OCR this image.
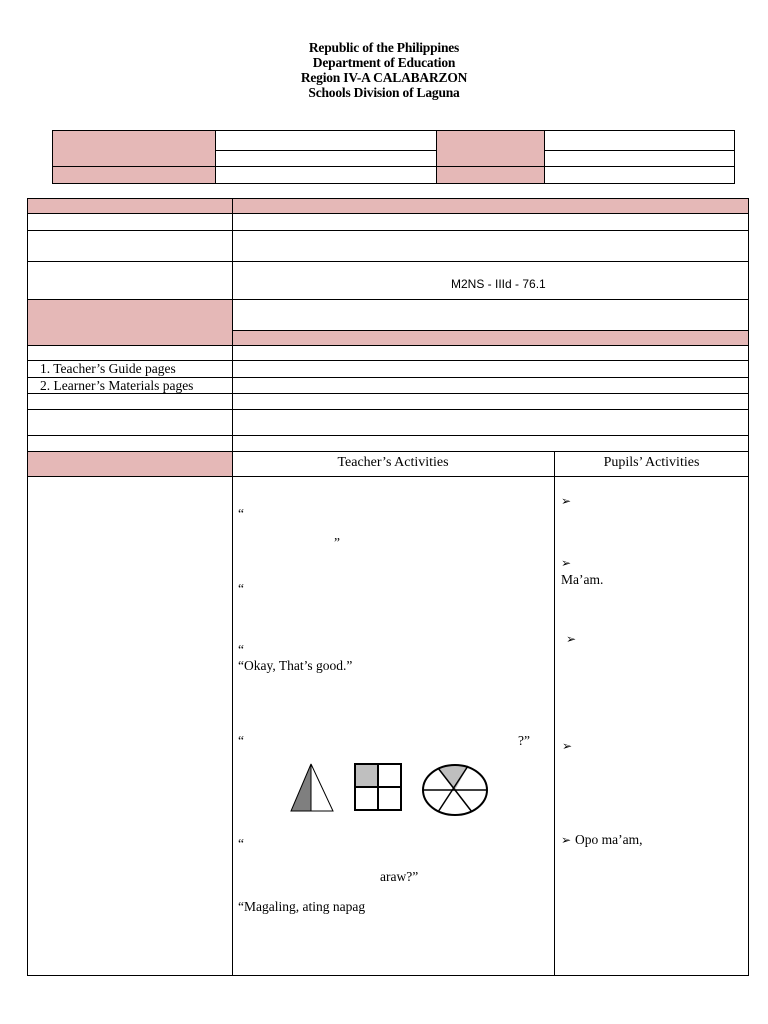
Republic of the Philippines
Department of Education
Region IV-A CALABARZON
Schools Division of Laguna
M2NS - IIId - 76.1
1. Teacher’s Guide pages
2. Learner’s Materials pages
Teacher’s Activities	Pupils’ Activities
“
”
“
“
“Okay, That’s good.”
“	?”
“
araw?”
“Magaling, ating napag
➢
➢
Ma’am.
➢
➢
➢ Opo ma’am,
